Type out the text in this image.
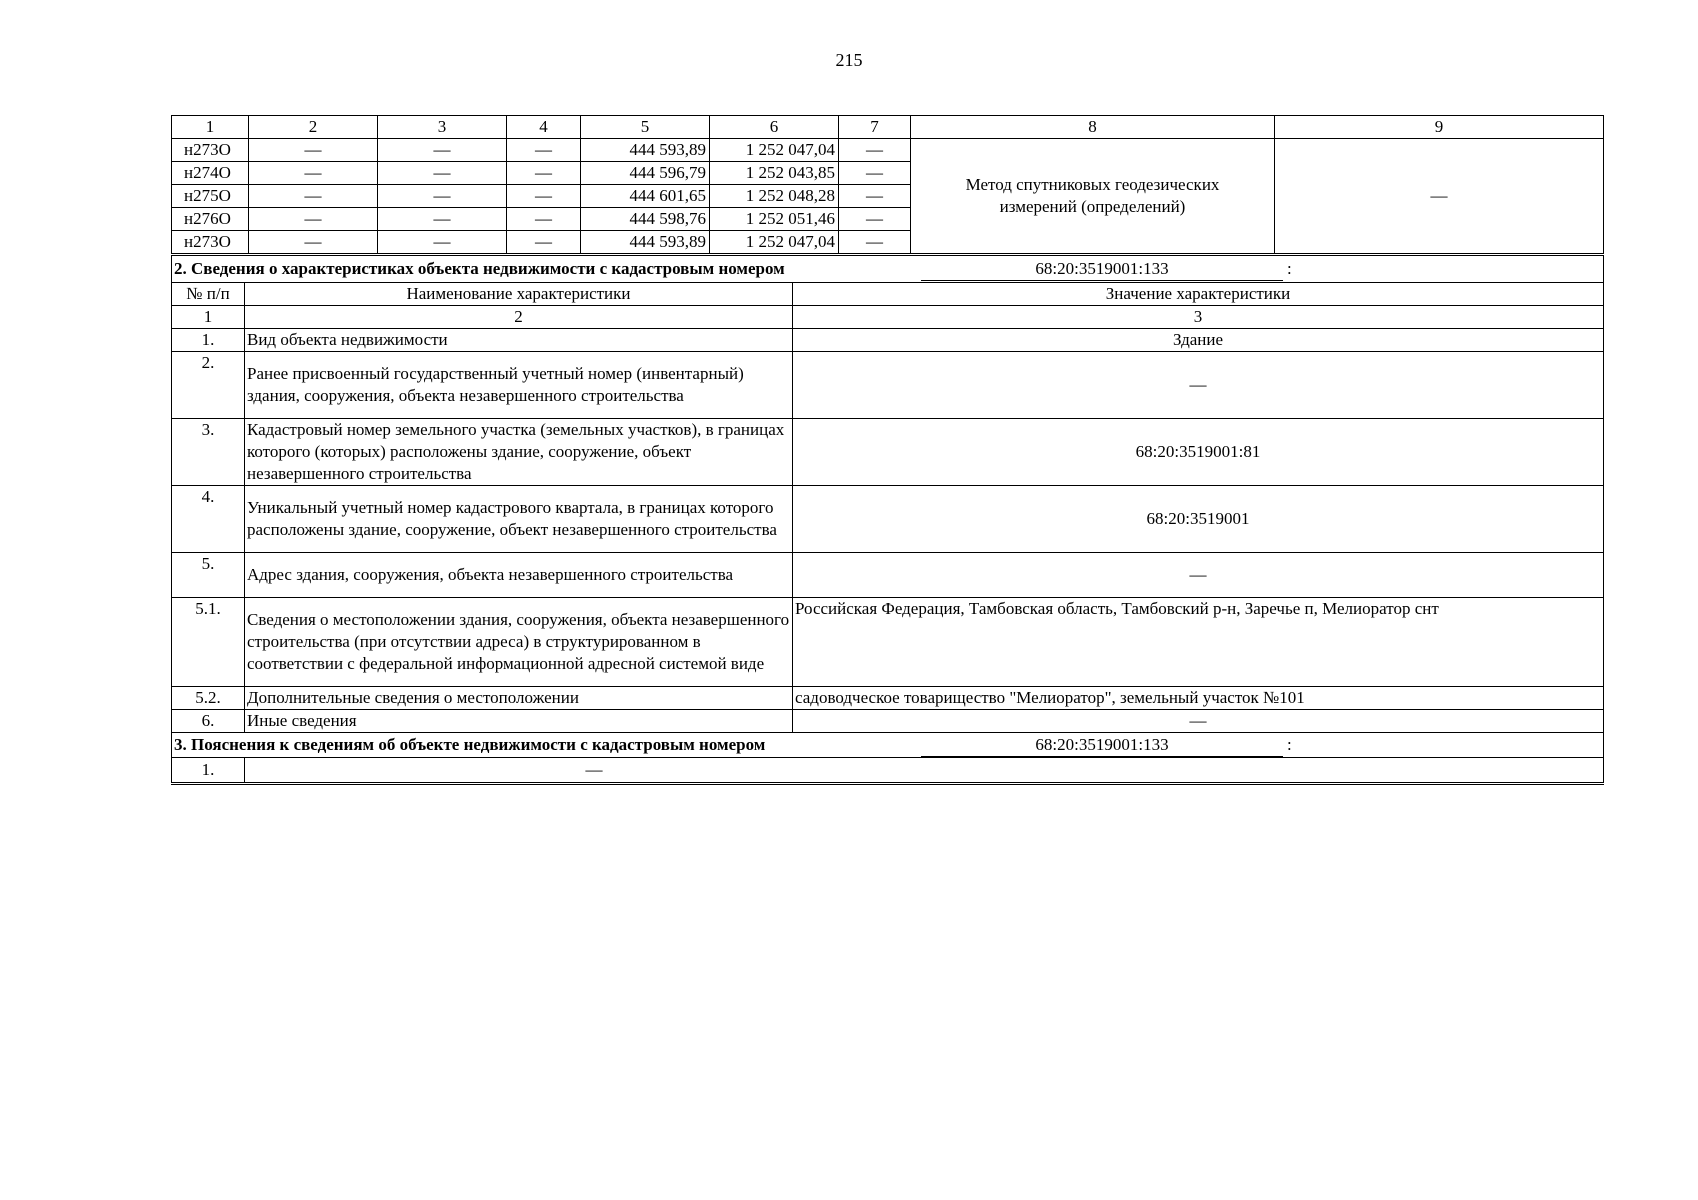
215
1	2	3	4	5	6	7	8	9
н273О	—	—	—	444 593,89	1 252 047,04	—	Метод спутниковых геодезических измерений (определений)	—
н274О	—	—	—	444 596,79	1 252 043,85	—		
н275О	—	—	—	444 601,65	1 252 048,28	—		
н276О	—	—	—	444 598,76	1 252 051,46	—		
н273О	—	—	—	444 593,89	1 252 047,04	—		
2. Сведения о характеристиках объекта недвижимости с кадастровым номером 68:20:3519001:133 :		

№ п/п	Наименование характеристики	Значение характеристики
1	2	3
1.	Вид объекта недвижимости	Здание
2.	Ранее присвоенный государственный учетный номер (инвентарный) здания, сооружения, объекта незавершенного строительства	—
3.	Кадастровый номер земельного участка (земельных участков), в границах которого (которых) расположены здание, сооружение, объект незавершенного строительства	68:20:3519001:81
4.	Уникальный учетный номер кадастрового квартала, в границах которого расположены здание, сооружение, объект незавершенного строительства	68:20:3519001
5.	Адрес здания, сооружения, объекта незавершенного строительства	—
5.1.	Сведения о местоположении здания, сооружения, объекта незавершенного строительства (при отсутствии адреса) в структурированном в соответствии с федеральной информационной адресной системой виде	Российская Федерация, Тамбовская область, Тамбовский р-н, Заречье п, Мелиоратор снт
5.2.	Дополнительные сведения о местоположении	садоводческое товарищество "Мелиоратор", земельный участок №101
6.	Иные сведения	—

3. Пояснения к сведениям об объекте недвижимости с кадастровым номером 68:20:3519001:133 :		

1.	—	
